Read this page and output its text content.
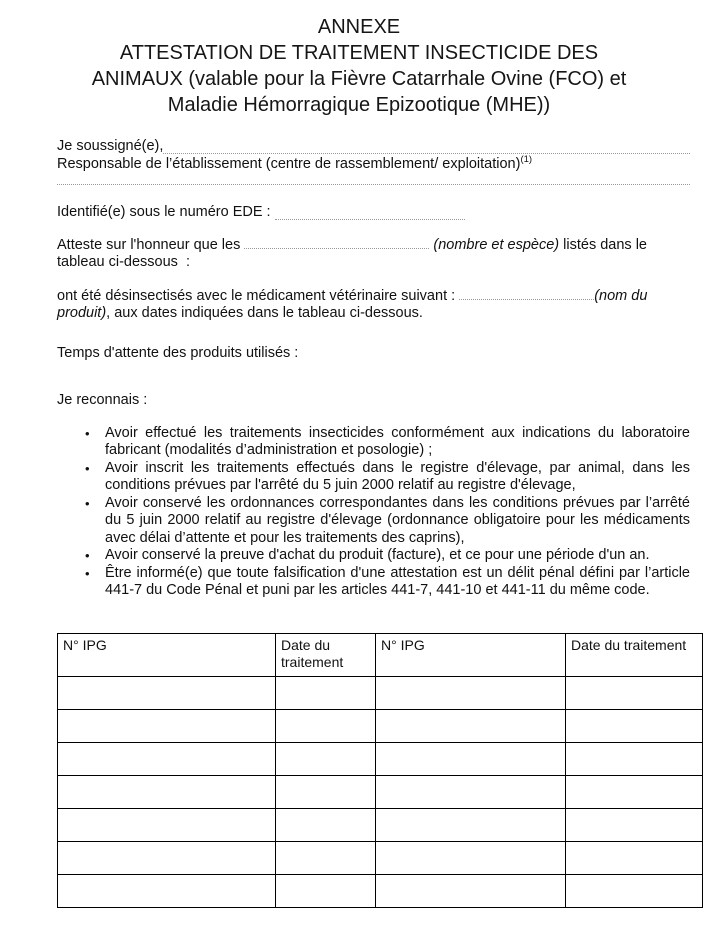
ANNEXE
ATTESTATION DE TRAITEMENT INSECTICIDE DES
ANIMAUX (valable pour la Fièvre Catarrhale Ovine (FCO) et
Maladie Hémorragique Epizootique (MHE))
Je soussigné(e),
Responsable de l’établissement (centre de rassemblement/ exploitation)$^{(1)}$
Identifié(e) sous le numéro EDE :

Atteste sur l'honneur que les	(nombre et espèce) listés dans le tableau ci-dessous  :

ont été désinsectisés avec le médicament vétérinaire suivant :	(nom du produit), aux dates indiquées dans le tableau ci-dessous.

Temps d'attente des produits utilisés :

Je reconnais :

•	Avoir effectué les traitements insecticides conformément aux indications du laboratoire fabricant (modalités d’administration et posologie) ;
•	Avoir inscrit les traitements effectués dans le registre d'élevage, par animal, dans les conditions prévues par l'arrêté du 5 juin 2000 relatif au registre d'élevage,
•	Avoir conservé les ordonnances correspondantes dans les conditions prévues par l’arrêté du 5 juin 2000 relatif au registre d'élevage (ordonnance obligatoire pour les médicaments avec délai d’attente et pour les traitements des caprins),
•	Avoir conservé la preuve d'achat du produit (facture), et ce pour une période d'un an.
•	Être informé(e) que toute falsification d'une attestation est un délit pénal défini par l’article 441-7 du Code Pénal et puni par les articles 441-7, 441-10 et 441-11 du même code.
N° IPG	Date du traitement	N° IPG	Date du traitement
